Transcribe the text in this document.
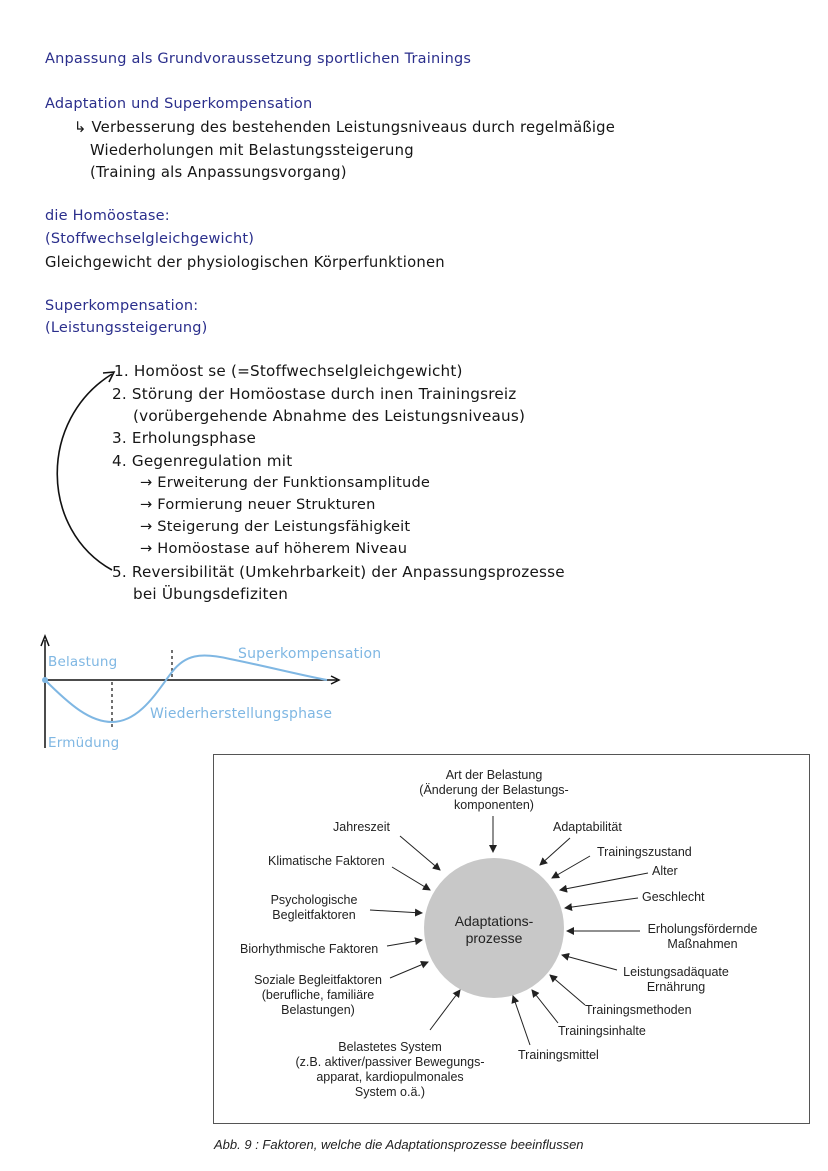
Anpassung als Grundvoraussetzung sportlichen Trainings
Adaptation und Superkompensation
↳ Verbesserung des bestehenden Leistungsniveaus durch regelmäßige
Wiederholungen mit Belastungssteigerung
(Training als Anpassungsvorgang)
die Homöostase:
(Stoffwechselgleichgewicht)
Gleichgewicht der physiologischen Körperfunktionen
Superkompensation:
(Leistungssteigerung)
1. Homöost se (=Stoffwechselgleichgewicht)
2. Störung der Homöostase durch inen Trainingsreiz
(vorübergehende Abnahme des Leistungsniveaus)
3. Erholungsphase
4. Gegenregulation mit
→ Erweiterung der Funktionsamplitude
→ Formierung neuer Strukturen
→ Steigerung der Leistungsfähigkeit
→ Homöostase auf höherem Niveau
5. Reversibilität (Umkehrbarkeit) der Anpassungsprozesse
bei Übungsdefiziten
Belastung
Ermüdung
Wiederherstellungsphase
Superkompensation
Art der Belastung
(Änderung der Belastungs-
komponenten)
Jahreszeit	Adaptabilität
Klimatische Faktoren
Trainingszustand
Alter
Psychologische
Begleitfaktoren
Geschlecht
Erholungsfördernde
Maßnahmen
Biorhythmische Faktoren
Soziale Begleitfaktoren
(berufliche, familiäre
Belastungen)
Leistungsadäquate
Ernährung
Trainingsmethoden
Trainingsinhalte
Trainingsmittel
Belastetes System
(z.B. aktiver/passiver Bewegungs-
apparat, kardiopulmonales
System o.ä.)
Adaptations-
prozesse
Abb. 9 : Faktoren, welche die Adaptationsprozesse beeinflussen
